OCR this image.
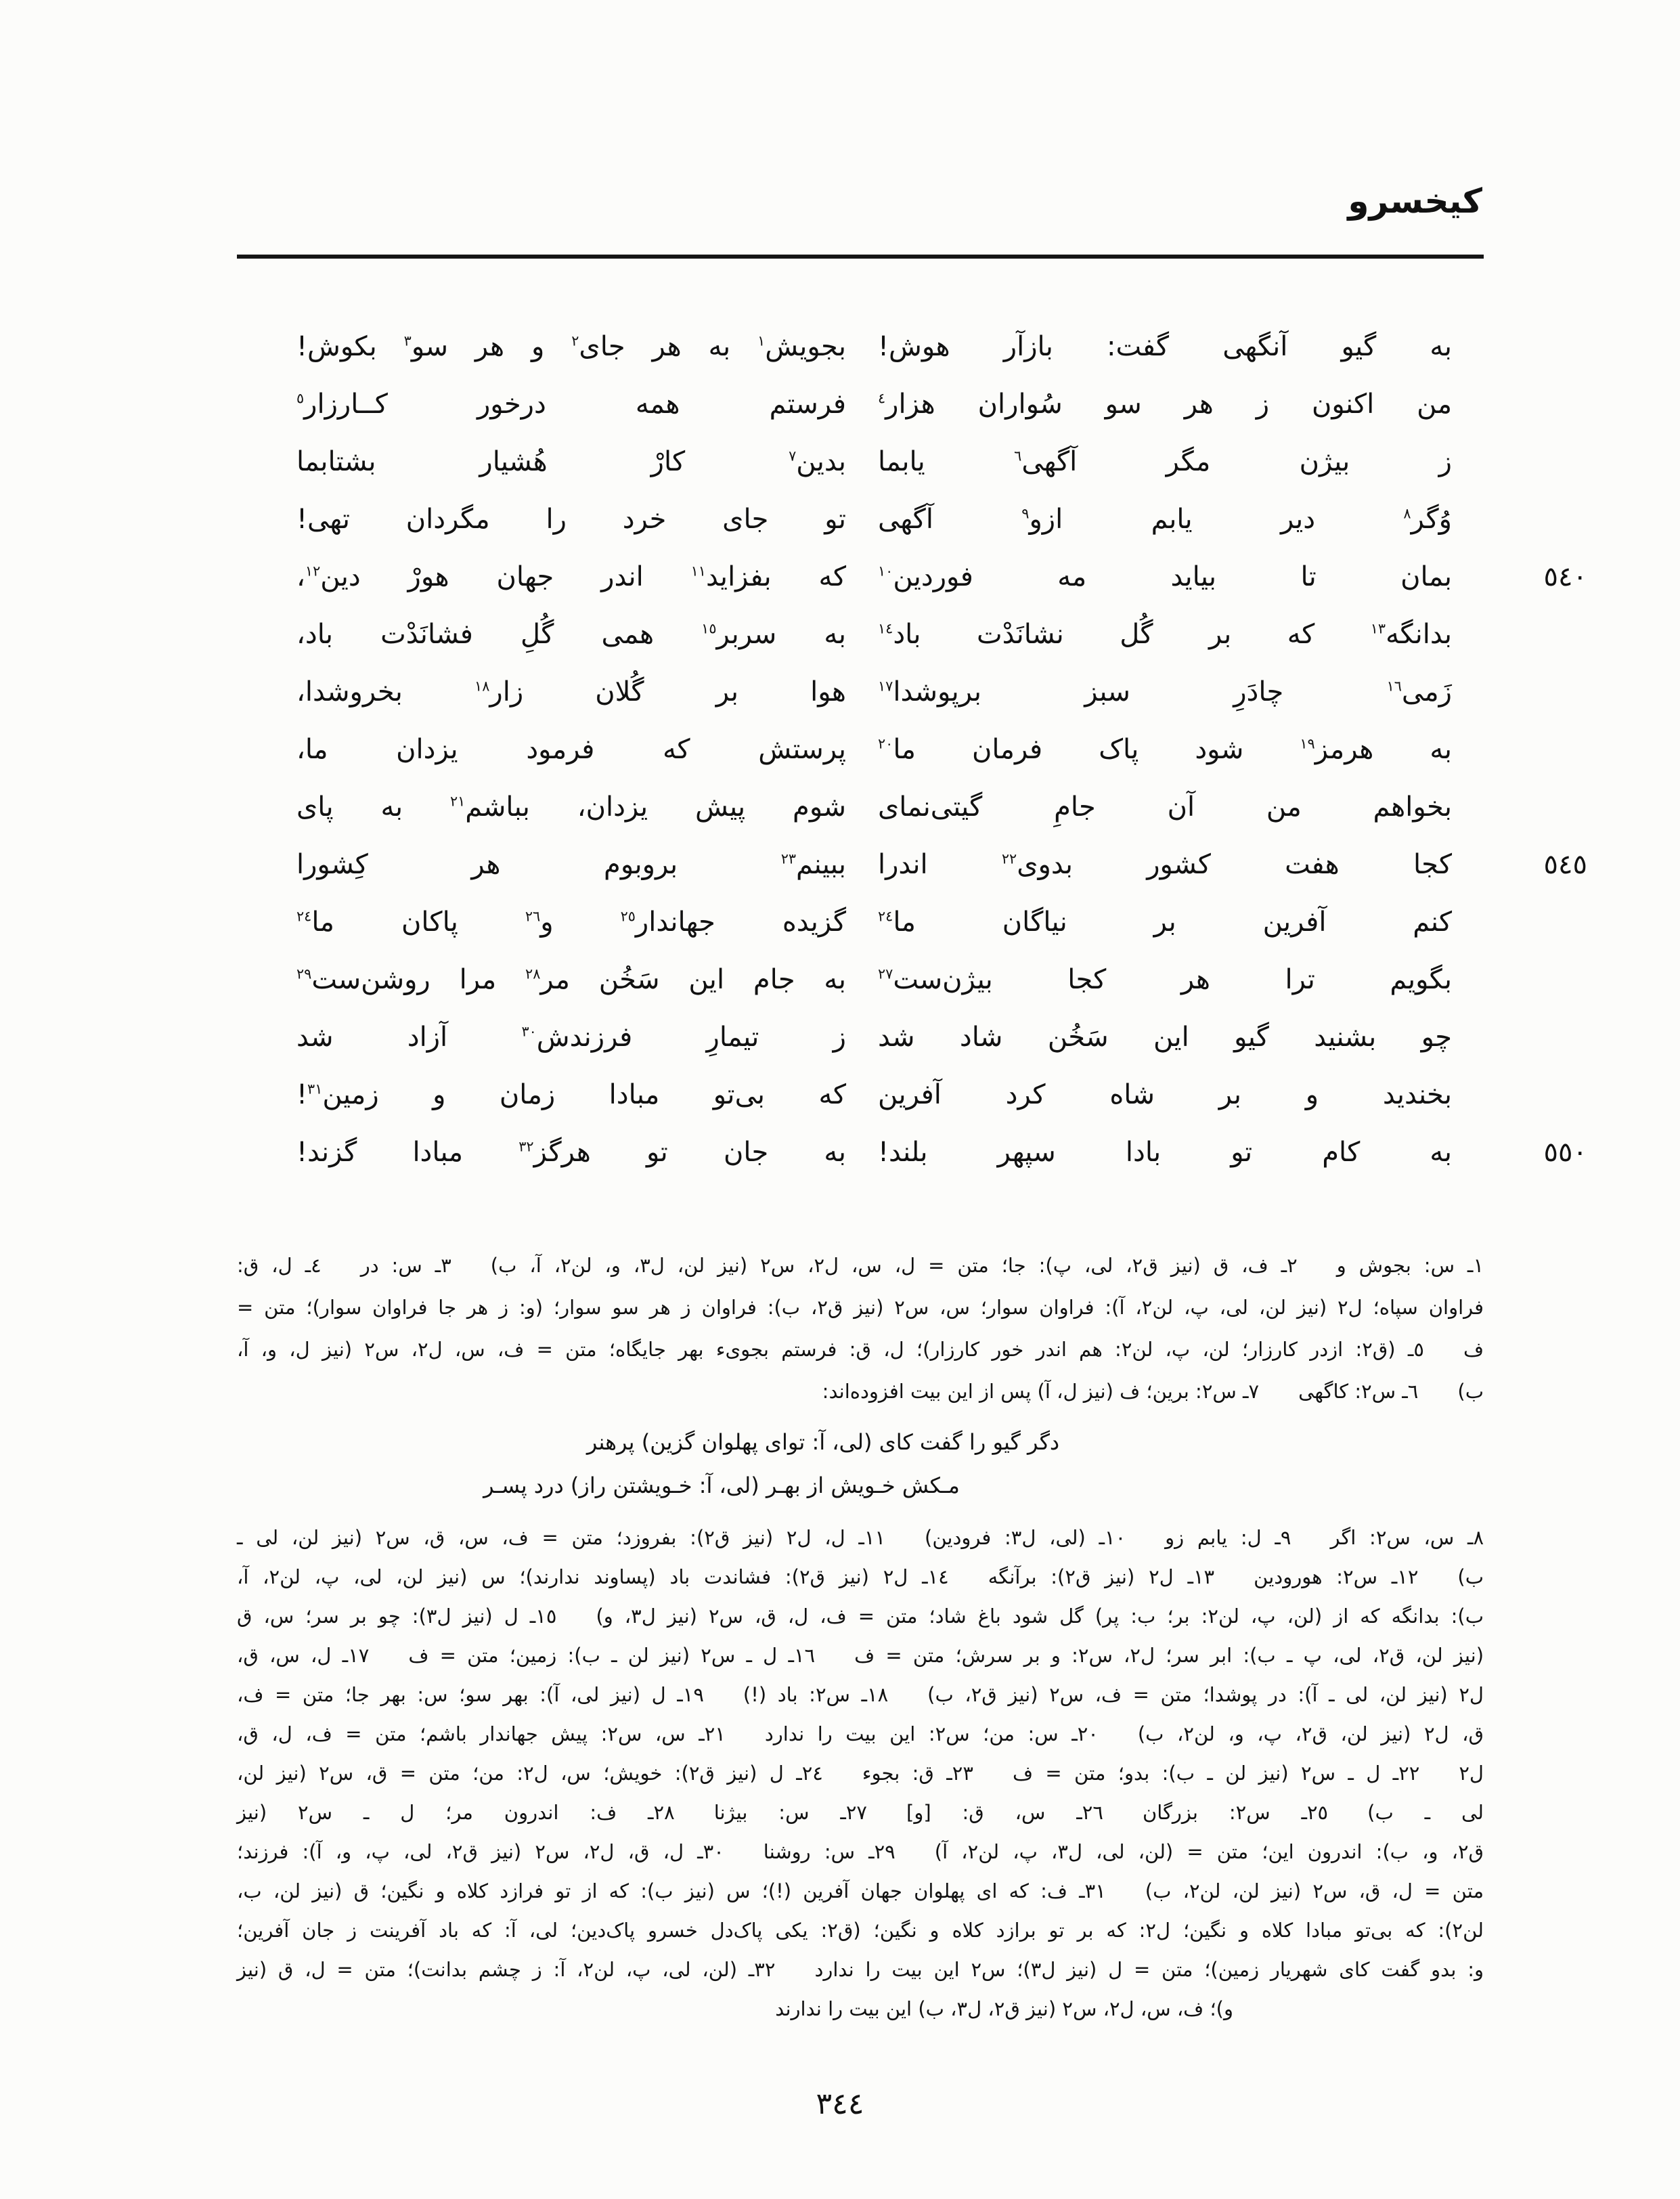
کیخسرو
٥٤٠
٥٤٥
٥٥٠
به گیو آنگهی گفت: بازآر هوش!
من اکنون ز هر سو سُواران هزار$^٤$
ز بیژن مگر آگهی$^٦$ یابما
وُگر$^٨$ دیر یابم ازو$^٩$ آگهی
بمان تا بیاید مه فوردین$^{١٠}$
بدانگه$^{١٣}$ که بر گُل نشانَدْت باد$^{١٤}$
زَمی$^{١٦}$ چادَرِ سبز برپوشدا$^{١٧}$
به هرمز$^{١٩}$ شود پاک فرمان ما$^{٢٠}$
بخواهم من آن جامِ گیتی‌نمای
کجا هفت کشور بدوی$^{٢٢}$ اندرا
کنم آفرین بر نیاگان ما$^{٢٤}$
بگویم ترا هر کجا بیژن‌ست$^{٢٧}$
چو بشنید گیو این سَخُن شاد شد
بخندید و بر شاه کرد آفرین
به کام تو بادا سپهر بلند!
بجویش$^١$ به هر جای$^٢$ و هر سو$^٣$ بکوش!
فرستم همه درخور کــارزار$^٥$
بدین$^٧$ کارْ هُشیار بشتابما
تو جای خرد را مگردان تهی!
که بفزاید$^{١١}$ اندر جهان هورْ دین$^{١٢}$،
به سربر$^{١٥}$ همی گُلِ فشانَدْت باد،
هوا بر گُلان زار$^{١٨}$ بخروشدا،
پرستش که فرمود یزدان ما،
شوم پیش یزدان، بباشم$^{٢١}$ به پای
ببینم$^{٢٣}$ بروبوم هر کِشورا
گزیده جهاندار$^{٢٥}$ و$^{٢٦}$ پاکان ما$^{٢٤}$
به جام این سَخُن مر$^{٢٨}$ مرا روشن‌ست$^{٢٩}$
ز تیمارِ فرزندش$^{٣٠}$ آزاد شد
که بی‌تو مبادا زمان و زمین$^{٣١}$!
به جان تو هرگز$^{٣٢}$ مبادا گزند!
١ـ س: بجوش و  ٢ـ ف، ق (نیز ق٢، لی، پ): جا؛ متن = ل، س، ل٢، س٢ (نیز لن، ل٣، و، لن٢، آ، ب)  ٣ـ س: در  ٤ـ ل، ق:
فراوان سپاه؛ ل٢ (نیز لن، لی، پ، لن٢، آ): فراوان سوار؛ س، س٢ (نیز ق٢، ب): فراوان ز هر سو سوار؛ (و: ز هر جا فراوان سوار)؛ متن =
ف  ٥ـ (ق٢: ازدر کارزار؛ لن، پ، لن٢: هم اندر خور کارزار)؛ ل، ق: فرستم بجویء بهر جایگاه؛ متن = ف، س، ل٢، س٢ (نیز ل، و، آ،
ب)  ٦ـ س٢: کاگهی  ٧ـ س٢: برین؛ ف (نیز ل، آ) پس از این بیت افزوده‌اند:
دگر گیو را گفت کای (لی، آ: توای پهلوان گزین) پرهنر
مـکش خـویش از بهـر (لی، آ: خـویشتن راز) درد پسـر
٨ـ س، س٢: اگر  ٩ـ ل: یابم زو  ١٠ـ (لی، ل٣: فرودین)  ١١ـ ل، ل٢ (نیز ق٢): بفروزد؛ متن = ف، س، ق، س٢ (نیز لن، لی ـ
ب)  ١٢ـ س٢: هورودین  ١٣ـ ل٢ (نیز ق٢): برآنگه  ١٤ـ ل٢ (نیز ق٢): فشاندت باد (پساوند ندارند)؛ س (نیز لن، لی، پ، لن٢، آ،
ب): بدانگه که از (لن، پ، لن٢: بر؛ ب: پر) گل شود باغ شاد؛ متن = ف، ل، ق، س٢ (نیز ل٣، و)  ١٥ـ ل (نیز ل٣): چو بر سر؛ س، ق
(نیز لن، ق٢، لی، پ ـ ب): ابر سر؛ ل٢، س٢: و بر سرش؛ متن = ف  ١٦ـ ل ـ س٢ (نیز لن ـ ب): زمین؛ متن = ف  ١٧ـ ل، س، ق،
ل٢ (نیز لن، لی ـ آ): در پوشدا؛ متن = ف، س٢ (نیز ق٢، ب)  ١٨ـ س٢: باد (!)  ١٩ـ ل (نیز لی، آ): بهر سو؛ س: بهر جا؛ متن = ف،
ق، ل٢ (نیز لن، ق٢، پ، و، لن٢، ب)  ٢٠ـ س: من؛ س٢: این بیت را ندارد  ٢١ـ س، س٢: پیش جهاندار باشم؛ متن = ف، ل، ق،
ل٢  ٢٢ـ ل ـ س٢ (نیز لن ـ ب): بدو؛ متن = ف  ٢٣ـ ق: بجوء  ٢٤ـ ل (نیز ق٢): خویش؛ س، ل٢: من؛ متن = ق، س٢ (نیز لن،
لی ـ ب)  ٢٥ـ س٢: بزرگان  ٢٦ـ س، ق: [و]  ٢٧ـ س: بیژنا  ٢٨ـ ف: اندرون مر؛ ل ـ س٢ (نیز
ق٢، و، ب): اندرون این؛ متن = (لن، لی، ل٣، پ، لن٢، آ)  ٢٩ـ س: روشنا  ٣٠ـ ل، ق، ل٢، س٢ (نیز ق٢، لی، پ، و، آ): فرزند؛
متن = ل، ق، س٢ (نیز لن، لن٢، ب)  ٣١ـ ف: که ای پهلوان جهان آفرین (!)؛ س (نیز ب): که از تو فرازد کلاه و نگین؛ ق (نیز لن، ب،
لن٢): که بی‌تو مبادا کلاه و نگین؛ ل٢: که بر تو برازد کلاه و نگین؛ (ق٢: یکی پاک‌دل خسرو پاک‌دین؛ لی، آ: که باد آفرینت ز جان آفرین؛
و: بدو گفت کای شهریار زمین)؛ متن = ل (نیز ل٣)؛ س٢ این بیت را ندارد  ٣٢ـ (لن، لی، پ، لن٢، آ: ز چشم بدانت)؛ متن = ل، ق (نیز
و)؛ ف، س، ل٢، س٢ (نیز ق٢، ل٣، ب) این بیت را ندارند
٣٤٤
